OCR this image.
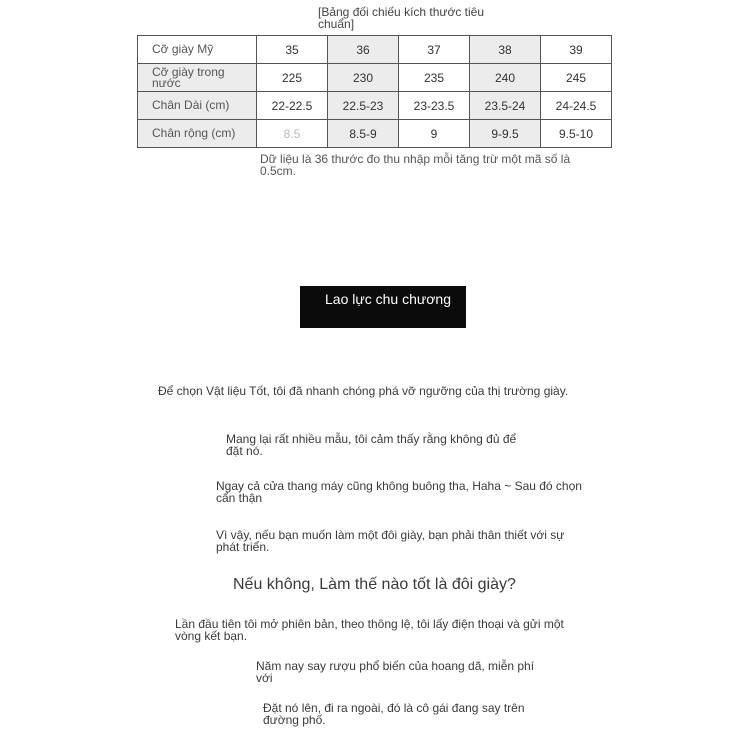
[Bảng đối chiếu kích thước tiêu chuẩn]
Cỡ giày Mỹ	35	36	37	38	39
Cỡ giày trong nước	225	230	235	240	245
Chân Dài (cm)	22-22.5	22.5-23	23-23.5	23.5-24	24-24.5
Chân rộng (cm)	8.5	8.5-9	9	9-9.5	9.5-10
Dữ liệu là 36 thước đo thu nhập mỗi tăng trừ một mã số là 0.5cm.
Lao lực chu chương
Để chọn Vật liệu Tốt, tôi đã nhanh chóng phá vỡ ngưỡng của thị trường giày.
Mang lại rất nhiều mẫu, tôi cảm thấy rằng không đủ để đặt nó.
Ngay cả cửa thang máy cũng không buông tha, Haha ~ Sau đó chọn cẩn thận
Vì vậy, nếu bạn muốn làm một đôi giày, bạn phải thân thiết với sự phát triển.
Nếu không, Làm thế nào tốt là đôi giày?
Lần đầu tiên tôi mở phiên bản, theo thông lệ, tôi lấy điện thoại và gửi một vòng kết bạn.
Năm nay say rượu phổ biến của hoang dã, miễn phí với
Đặt nó lên, đi ra ngoài, đó là cô gái đang say trên đường phố.
